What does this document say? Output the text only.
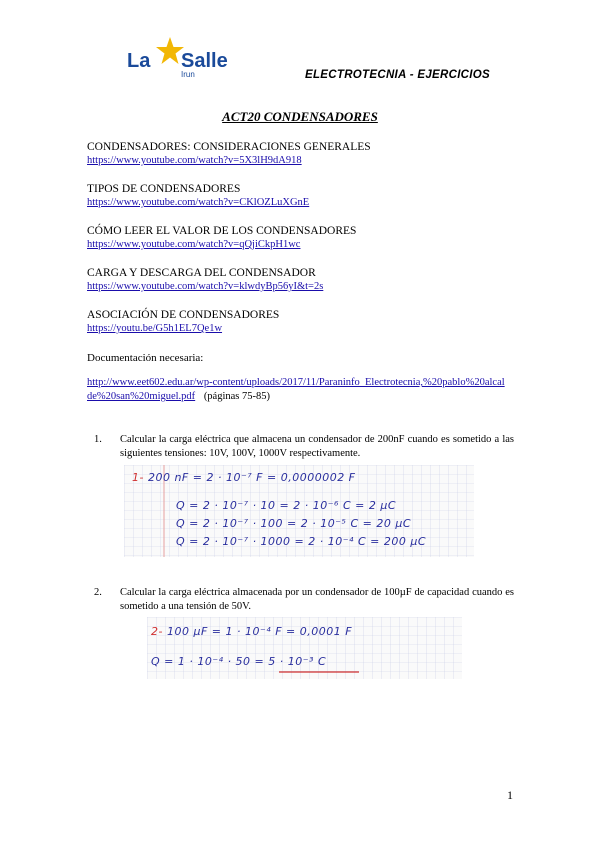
La Salle
Irun	ELECTROTECNIA - EJERCICIOS
ACT20 CONDENSADORES
CONDENSADORES: CONSIDERACIONES GENERALES
https://www.youtube.com/watch?v=5X3lH9dA918
TIPOS DE CONDENSADORES
https://www.youtube.com/watch?v=CKlOZLuXGnE
CÓMO LEER EL VALOR DE LOS CONDENSADORES
https://www.youtube.com/watch?v=qQjiCkpH1wc
CARGA Y DESCARGA DEL CONDENSADOR
https://www.youtube.com/watch?v=klwdyBp56yI&t=2s
ASOCIACIÓN DE CONDENSADORES
https://youtu.be/G5h1EL7Qe1w
Documentación necesaria:
http://www.eet602.edu.ar/wp-content/uploads/2017/11/Paraninfo_Electrotecnia,%20pablo%20alcalde%20san%20miguel.pdf (páginas 75-85)
1. Calcular la carga eléctrica que almacena un condensador de 200nF cuando es sometido a las siguientes tensiones: 10V, 100V, 1000V respectivamente.
1- 200 nF = 2 · 10⁻⁷ F = 0,0000002 F
Q = 2 · 10⁻⁷ · 10 = 2 · 10⁻⁶ C = 2 µC
Q = 2 · 10⁻⁷ · 100 = 2 · 10⁻⁵ C = 20 µC
Q = 2 · 10⁻⁷ · 1000 = 2 · 10⁻⁴ C = 200 µC
2. Calcular la carga eléctrica almacenada por un condensador de 100µF de capacidad cuando es sometido a una tensión de 50V.
2- 100 µF = 1 · 10⁻⁴ F = 0,0001 F
Q = 1 · 10⁻⁴ · 50 = 5 · 10⁻³ C
1
